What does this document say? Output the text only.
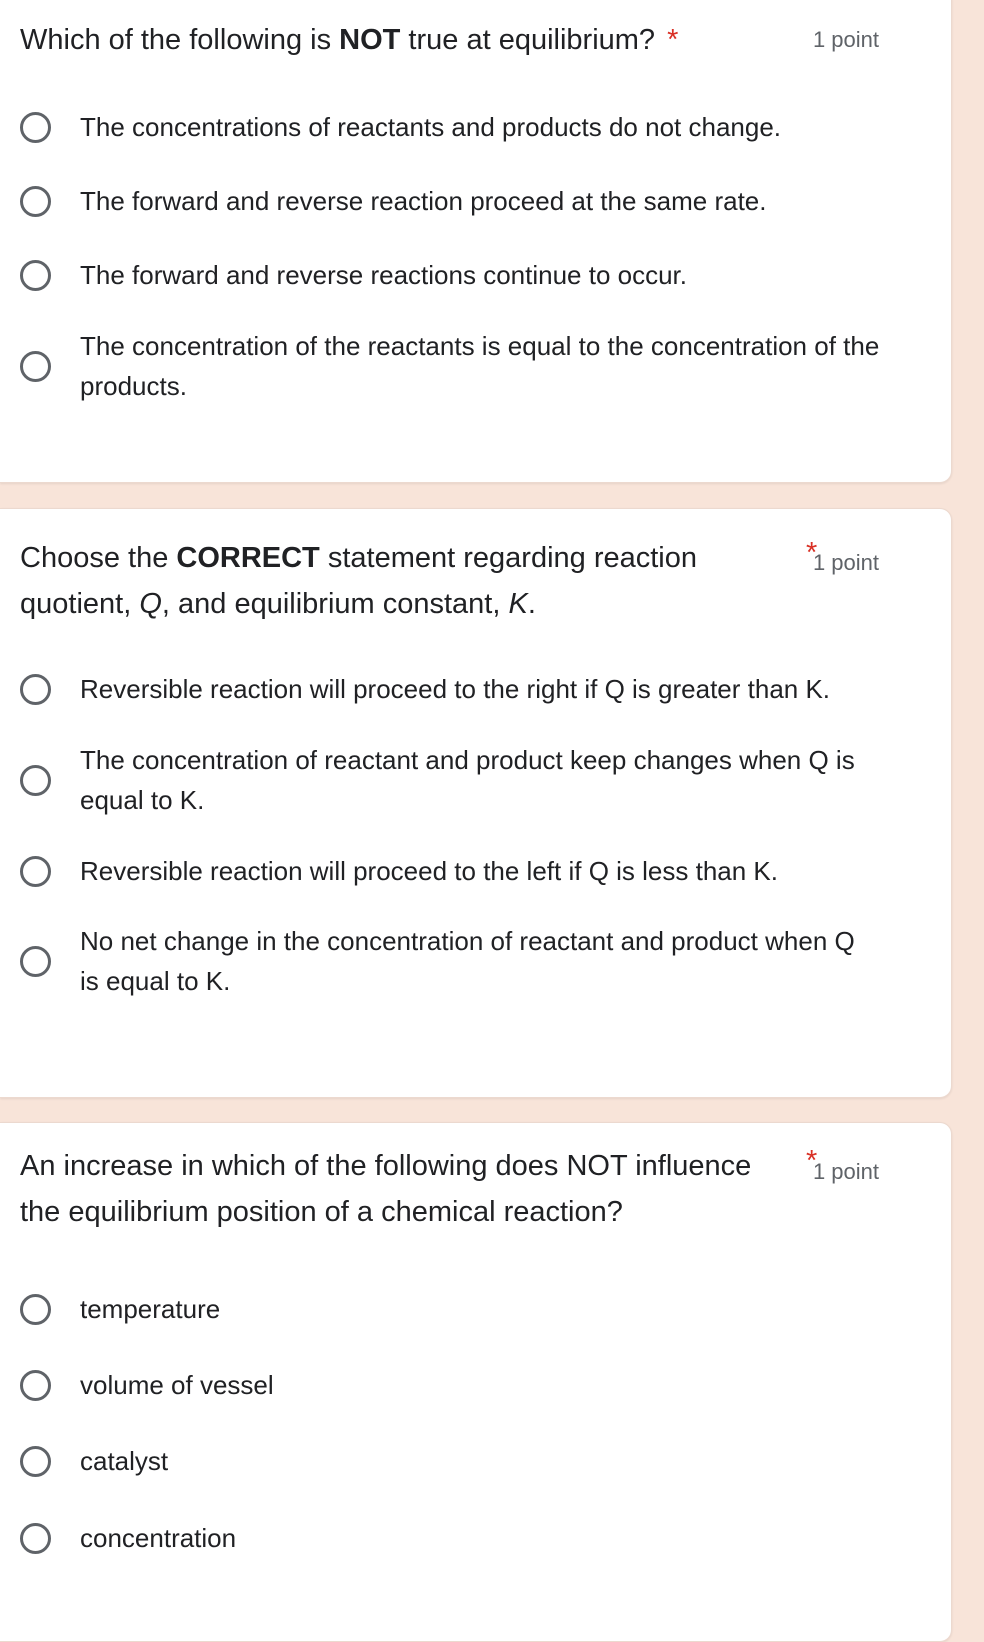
Which of the following is NOT true at equilibrium? *	1 point
The concentrations of reactants and products do not change.
The forward and reverse reaction proceed at the same rate.
The forward and reverse reactions continue to occur.
The concentration of the reactants is equal to the concentration of the products.
Choose the CORRECT statement regarding reaction quotient, Q, and equilibrium constant, K.
*
1 point
Reversible reaction will proceed to the right if Q is greater than K.
The concentration of reactant and product keep changes when Q is equal to K.
Reversible reaction will proceed to the left if Q is less than K.
No net change in the concentration of reactant and product when Q is equal to K.
An increase in which of the following does NOT influence the equilibrium position of a chemical reaction?
*
1 point
temperature
volume of vessel
catalyst
concentration
